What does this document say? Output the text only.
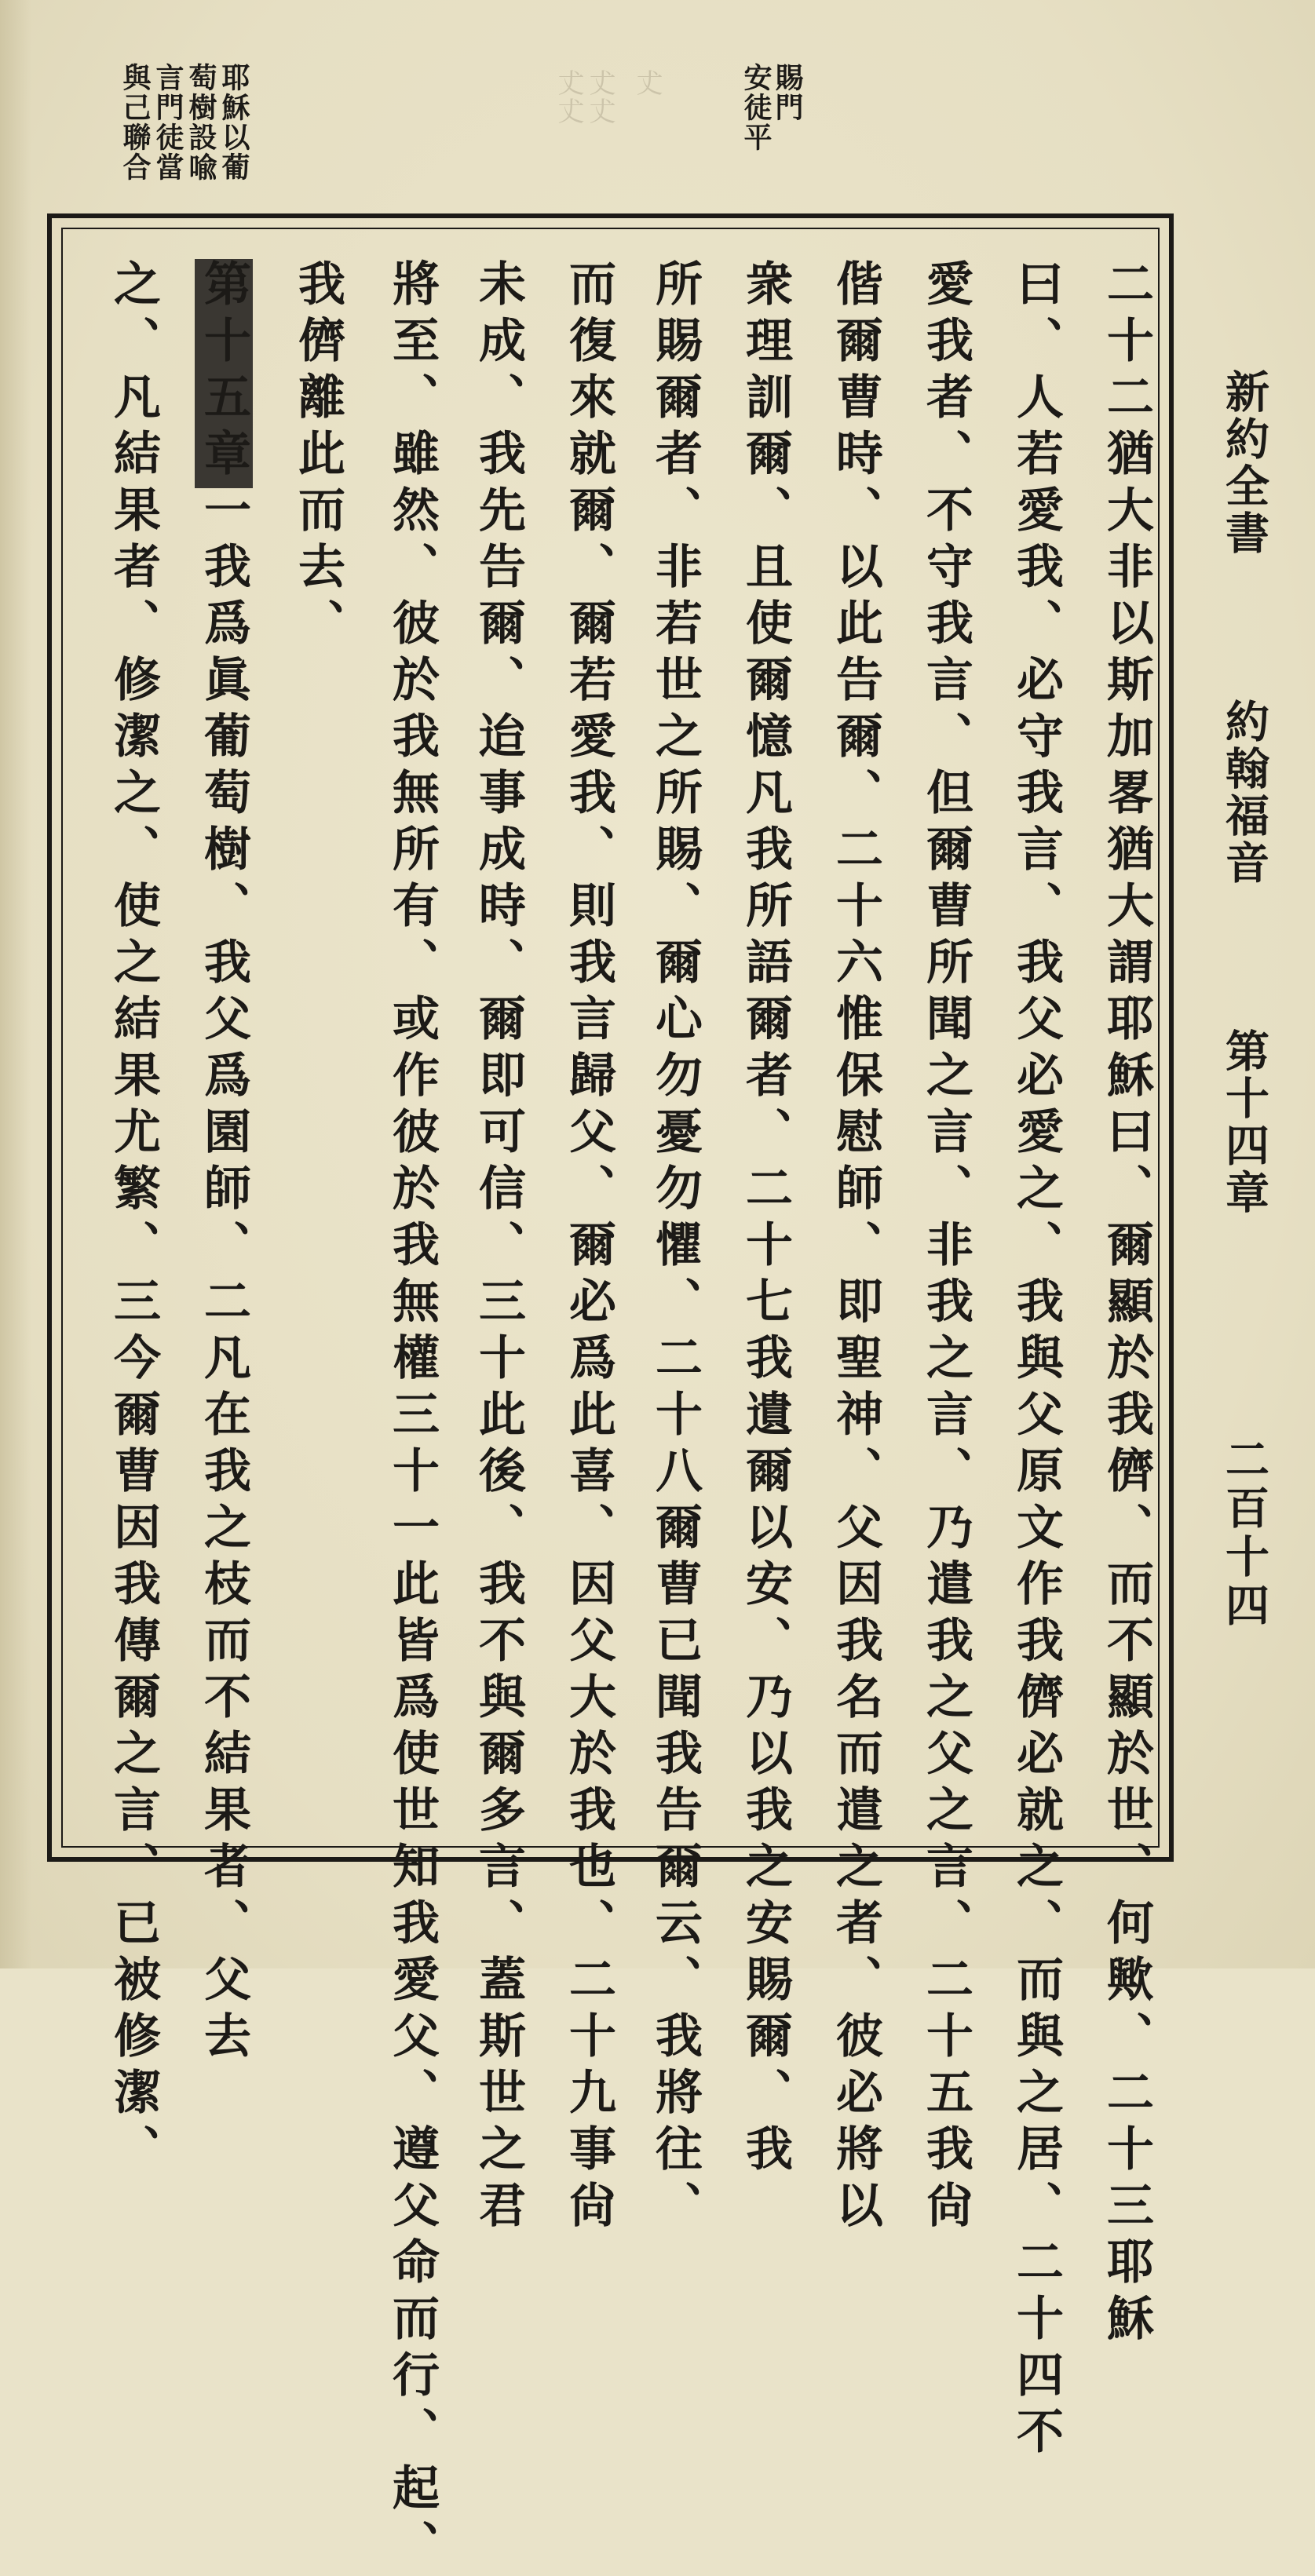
賜門
安徒平
𠀋𠀋 𠀋𠀋 𠀋
耶穌以葡
萄樹設喩
言門徒當
與己聯合
新約全書  約翰福音  第十四章
二百十四
二十二猶大非以斯加畧猶大謂耶穌曰、爾顯於我儕、而不顯於世、何歟、二十三耶穌
曰、人若愛我、必守我言、我父必愛之、我與父原文作我儕必就之、而與之居、二十四不
愛我者、不守我言、但爾曹所聞之言、非我之言、乃遣我之父之言、二十五我尙
偕爾曹時、以此告爾、二十六惟保慰師、即聖神、父因我名而遣之者、彼必將以
衆理訓爾、且使爾憶凡我所語爾者、二十七我遺爾以安、乃以我之安賜爾、我
所賜爾者、非若世之所賜、爾心勿憂勿懼、二十八爾曹已聞我告爾云、我將往、
而復來就爾、爾若愛我、則我言歸父、爾必爲此喜、因父大於我也、二十九事尙
未成、我先告爾、迨事成時、爾即可信、三十此後、我不與爾多言、蓋斯世之君
將至、雖然、彼於我無所有、或作彼於我無權三十一此皆爲使世知我愛父、遵父命而行、起、
我儕離此而去、
第十五章一我爲眞葡萄樹、我父爲園師、二凡在我之枝而不結果者、父去
之、凡結果者、修潔之、使之結果尤繁、三今爾曹因我傳爾之言、已被修潔、
